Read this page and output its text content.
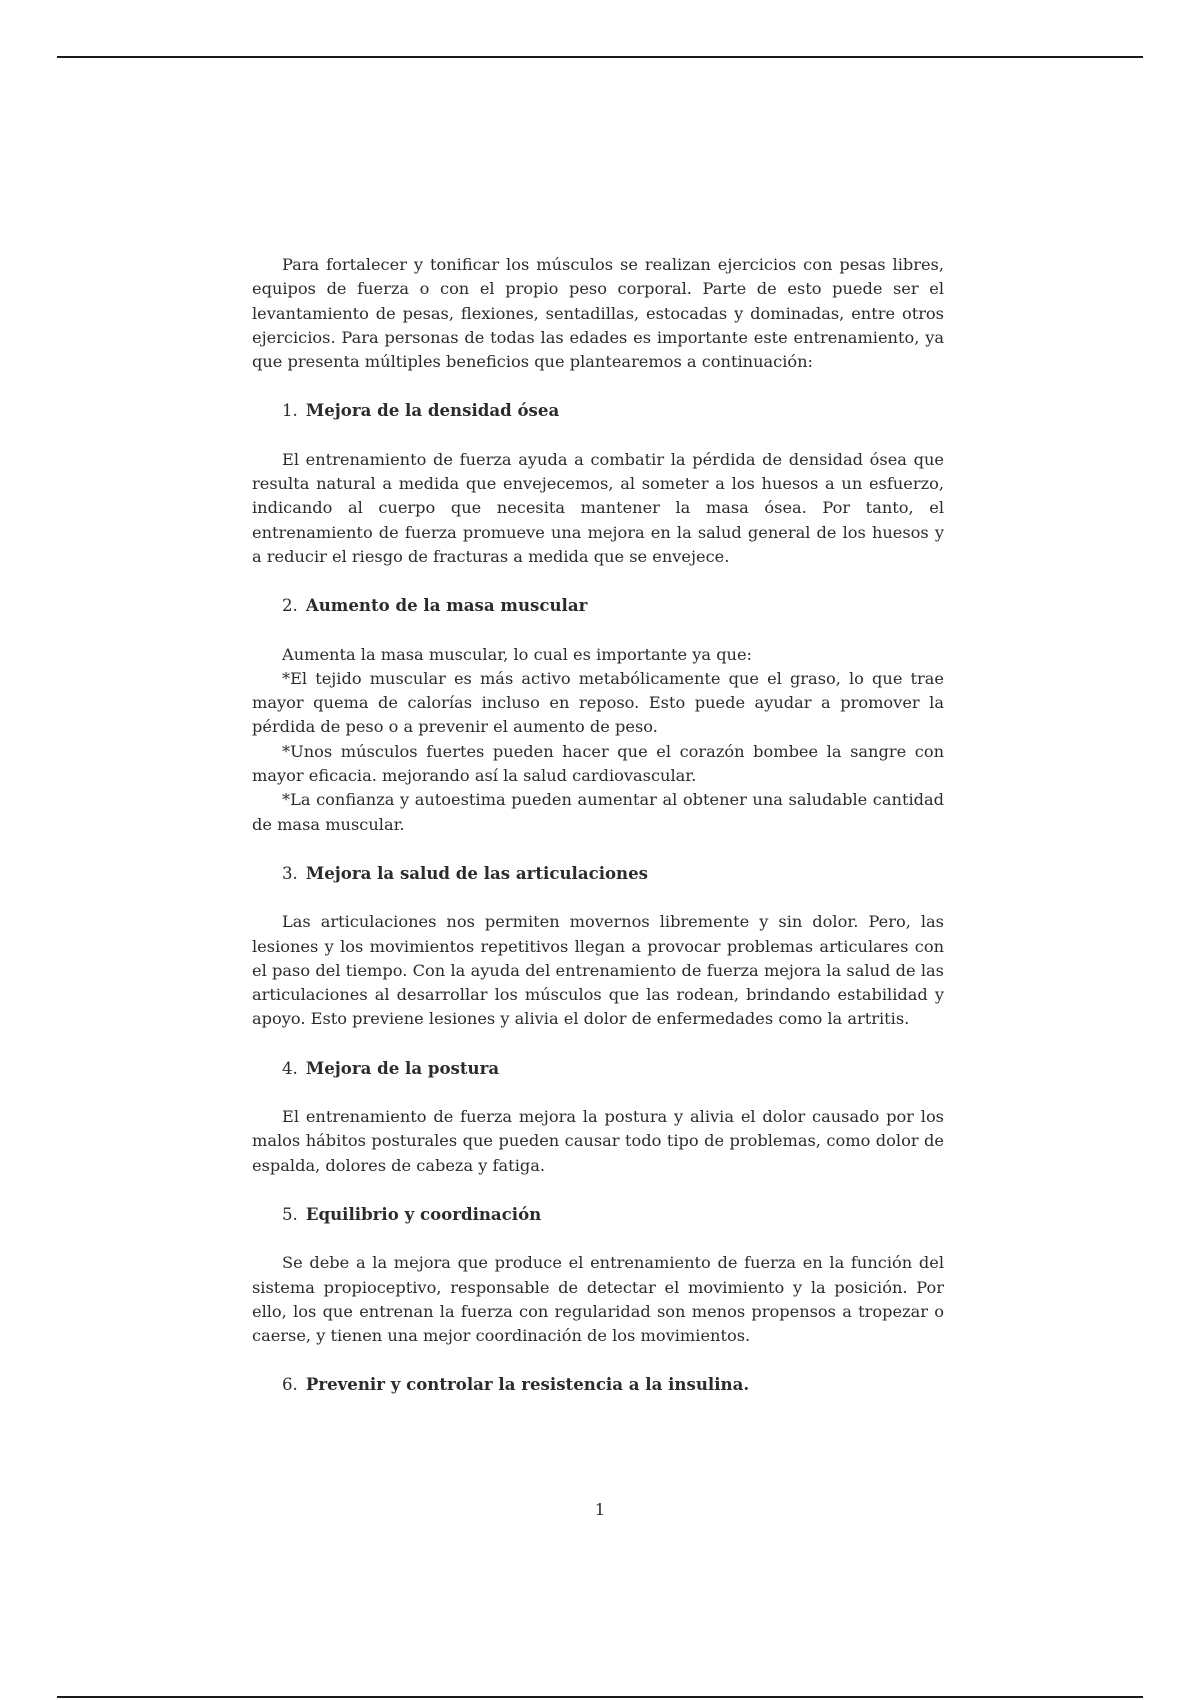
Para fortalecer y tonificar los músculos se realizan ejercicios con pesas libres, equipos de fuerza o con el propio peso corporal. Parte de esto puede ser el levantamiento de pesas, flexiones, sentadillas, estocadas y dominadas, entre otros ejercicios. Para personas de todas las edades es importante este entrenamiento, ya que presenta múltiples beneficios que plantearemos a continuación:

1. Mejora de la densidad ósea

El entrenamiento de fuerza ayuda a combatir la pérdida de densidad ósea que resulta natural a medida que envejecemos, al someter a los huesos a un esfuerzo, indicando al cuerpo que necesita mantener la masa ósea. Por tanto, el entrenamiento de fuerza promueve una mejora en la salud general de los huesos y a reducir el riesgo de fracturas a medida que se envejece.

2. Aumento de la masa muscular

Aumenta la masa muscular, lo cual es importante ya que:

*El tejido muscular es más activo metabólicamente que el graso, lo que trae mayor quema de calorías incluso en reposo. Esto puede ayudar a promover la pérdida de peso o a prevenir el aumento de peso.

*Unos músculos fuertes pueden hacer que el corazón bombee la sangre con mayor eficacia. mejorando así la salud cardiovascular.

*La confianza y autoestima pueden aumentar al obtener una saludable cantidad de masa muscular.

3. Mejora la salud de las articulaciones

Las articulaciones nos permiten movernos libremente y sin dolor. Pero, las lesiones y los movimientos repetitivos llegan a provocar problemas articulares con el paso del tiempo. Con la ayuda del entrenamiento de fuerza mejora la salud de las articulaciones al desarrollar los músculos que las rodean, brindando estabilidad y apoyo. Esto previene lesiones y alivia el dolor de enfermedades como la artritis.

4. Mejora de la postura

El entrenamiento de fuerza mejora la postura y alivia el dolor causado por los malos hábitos posturales que pueden causar todo tipo de problemas, como dolor de espalda, dolores de cabeza y fatiga.

5. Equilibrio y coordinación

Se debe a la mejora que produce el entrenamiento de fuerza en la función del sistema propioceptivo, responsable de detectar el movimiento y la posición. Por ello, los que entrenan la fuerza con regularidad son menos propensos a tropezar o caerse, y tienen una mejor coordinación de los movimientos.

6. Prevenir y controlar la resistencia a la insulina.
1
